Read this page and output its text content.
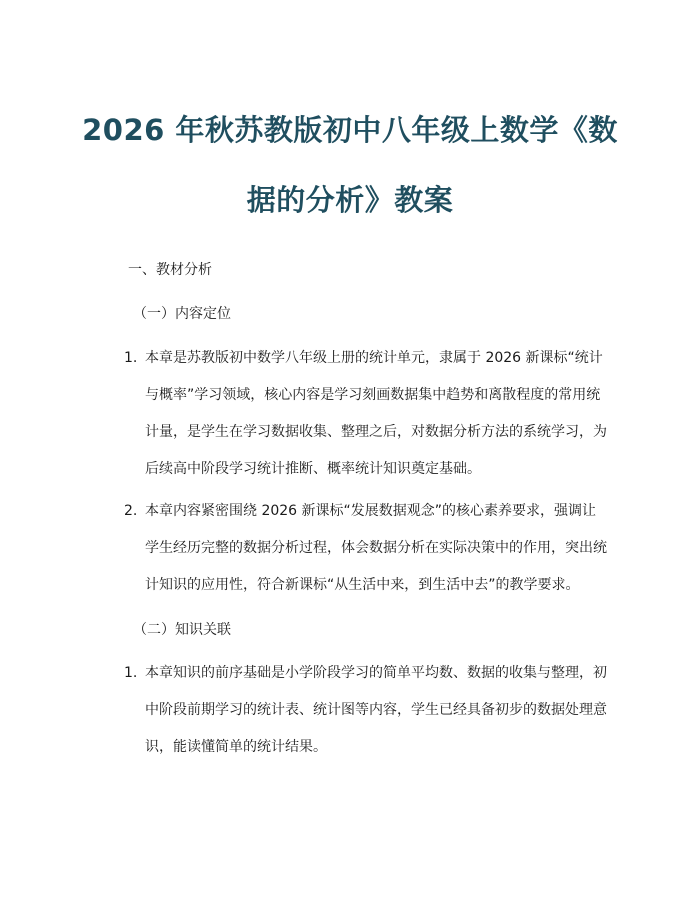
2026 年秋苏教版初中八年级上数学《数
据的分析》教案
一、教材分析
（一）内容定位
1. 本章是苏教版初中数学八年级上册的统计单元，隶属于 2026 新课标“统计
与概率”学习领域，核心内容是学习刻画数据集中趋势和离散程度的常用统
计量，是学生在学习数据收集、整理之后，对数据分析方法的系统学习，为
后续高中阶段学习统计推断、概率统计知识奠定基础。
2. 本章内容紧密围绕 2026 新课标“发展数据观念”的核心素养要求，强调让
学生经历完整的数据分析过程，体会数据分析在实际决策中的作用，突出统
计知识的应用性，符合新课标“从生活中来，到生活中去”的教学要求。
（二）知识关联
1. 本章知识的前序基础是小学阶段学习的简单平均数、数据的收集与整理，初
中阶段前期学习的统计表、统计图等内容，学生已经具备初步的数据处理意
识，能读懂简单的统计结果。
